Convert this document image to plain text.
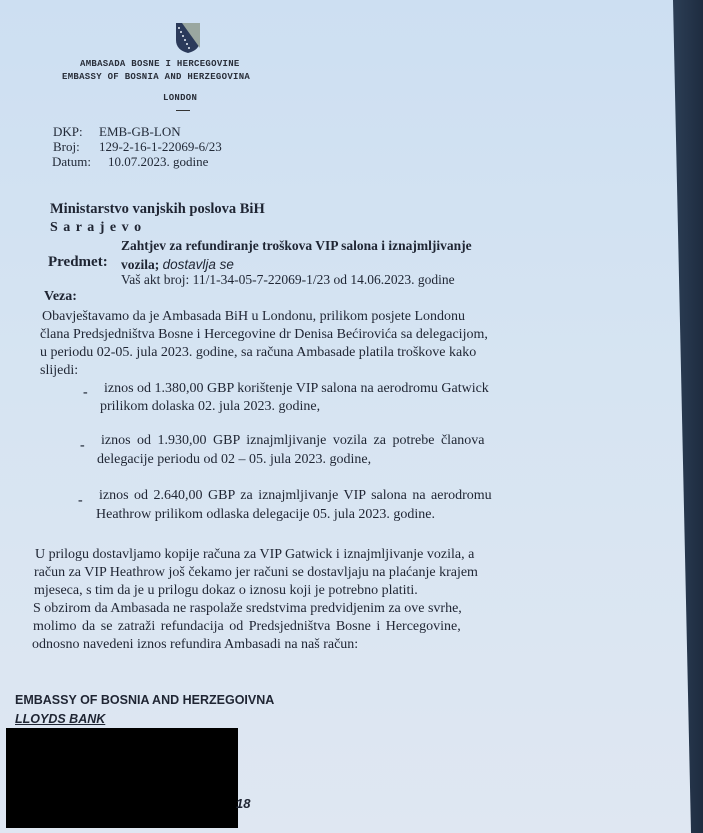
AMBASADA BOSNE I HERCEGOVINE
EMBASSY OF BOSNIA AND HERZEGOVINA
LONDON
DKP: EMB-GB-LON
Broj: 129-2-16-1-22069-6/23
Datum: 10.07.2023. godine
Ministarstvo vanjskih poslova BiH
S a r a j e v o
Predmet:
Zahtjev za refundiranje troškova VIP salona i iznajmljivanje
vozila; dostavlja se
Veza:
Vaš akt broj: 11/1-34-05-7-22069-1/23 od 14.06.2023. godine
Obavještavamo da je Ambasada BiH u Londonu, prilikom posjete Londonu
člana Predsjedništva Bosne i Hercegovine dr Denisa Bećirovića sa delegacijom,
u periodu 02-05. jula 2023. godine, sa računa Ambasade platila troškove kako
slijedi:
- iznos od 1.380,00 GBP korištenje VIP salona na aerodromu Gatwick
prilikom dolaska 02. jula 2023. godine,
- iznos od 1.930,00 GBP iznajmljivanje vozila za potrebe članova
delegacije periodu od 02 – 05. jula 2023. godine,
- iznos od 2.640,00 GBP za iznajmljivanje VIP salona na aerodromu
Heathrow prilikom odlaska delegacije 05. jula 2023. godine.
U prilogu dostavljamo kopije računa za VIP Gatwick i iznajmljivanje vozila, a
račun za VIP Heathrow još čekamo jer računi se dostavljaju na plaćanje krajem
mjeseca, s tim da je u prilogu dokaz o iznosu koji je potrebno platiti.
S obzirom da Ambasada ne raspolaže sredstvima predvidjenim za ove svrhe,
molimo da se zatraži refundacija od Predsjedništva Bosne i Hercegovine,
odnosno navedeni iznos refundira Ambasadi na naš račun:
EMBASSY OF BOSNIA AND HERZEGOIVNA
LLOYDS BANK
18
